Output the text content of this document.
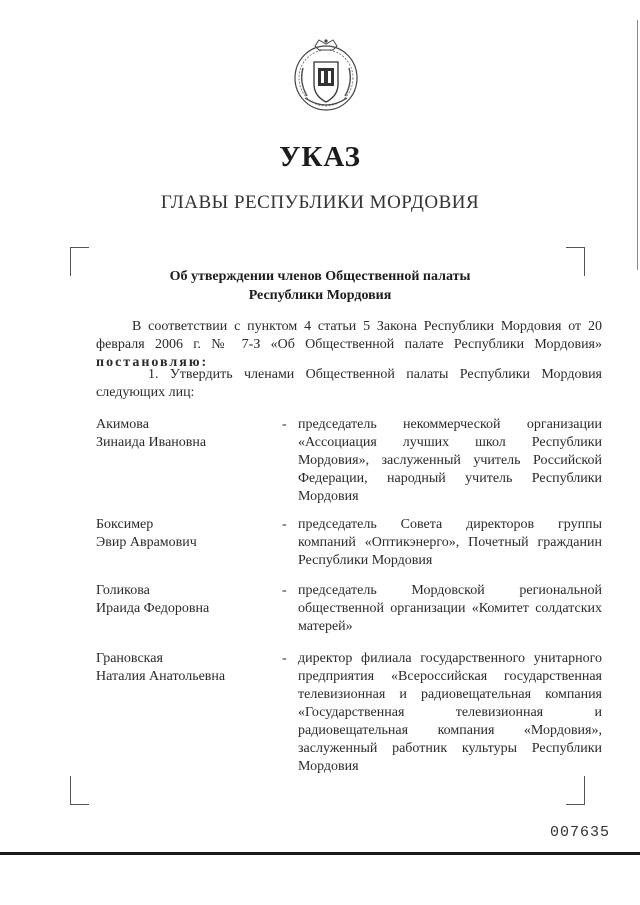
УКАЗ
ГЛАВЫ РЕСПУБЛИКИ МОРДОВИЯ
Об утверждении членов Общественной палаты
Республики Мордовия
В соответствии с пунктом 4 статьи 5 Закона Республики Мордовия от 20 февраля 2006 г. № 7-З «Об Общественной палате Республики Мордовия» постановляю:
1. Утвердить членами Общественной палаты Республики Мордовия следующих лиц:
Акимова
Зинаида Ивановна
- председатель некоммерческой организации «Ассоциация лучших школ Республики Мордовия», заслуженный учитель Российской Федерации, народный учитель Республики Мордовия
Боксимер
Эвир Аврамович
- председатель Совета директоров группы компаний «Оптикэнерго», Почетный гражданин Республики Мордовия
Голикова
Ираида Федоровна
- председатель Мордовской региональной общественной организации «Комитет солдатских матерей»
Грановская
Наталия Анатольевна
- директор филиала государственного унитарного предприятия «Всероссийская государственная телевизионная и радиовещательная компания «Государственная телевизионная и радиовещательная компания «Мордовия», заслуженный работник культуры Республики Мордовия
007635
